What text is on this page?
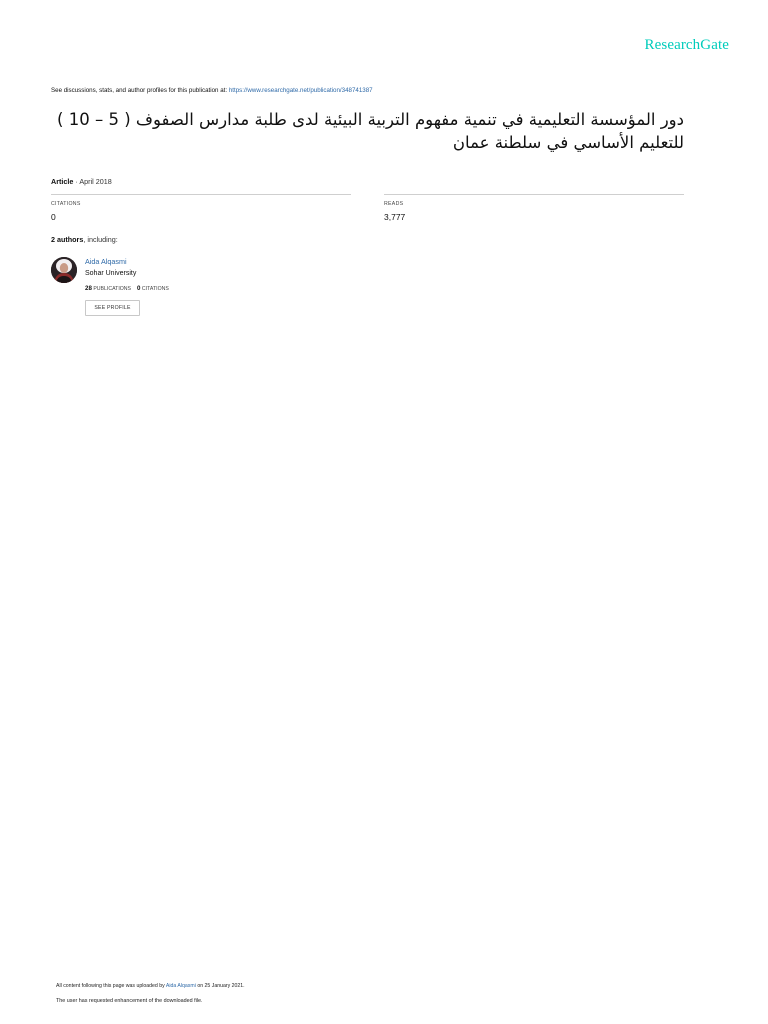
ResearchGate
See discussions, stats, and author profiles for this publication at: https://www.researchgate.net/publication/348741387
دور المؤسسة التعليمية في تنمية مفهوم التربية البيئية لدى طلبة مدارس الصفوف ( 5 – 10 )
للتعليم الأساسي في سلطنة عمان
Article · April 2018
CITATIONS
0
READS
3,777
2 authors, including:
Aida Alqasmi
Sohar University
28 PUBLICATIONS 0 CITATIONS
SEE PROFILE
All content following this page was uploaded by Aida Alqasmi on 25 January 2021.
The user has requested enhancement of the downloaded file.
